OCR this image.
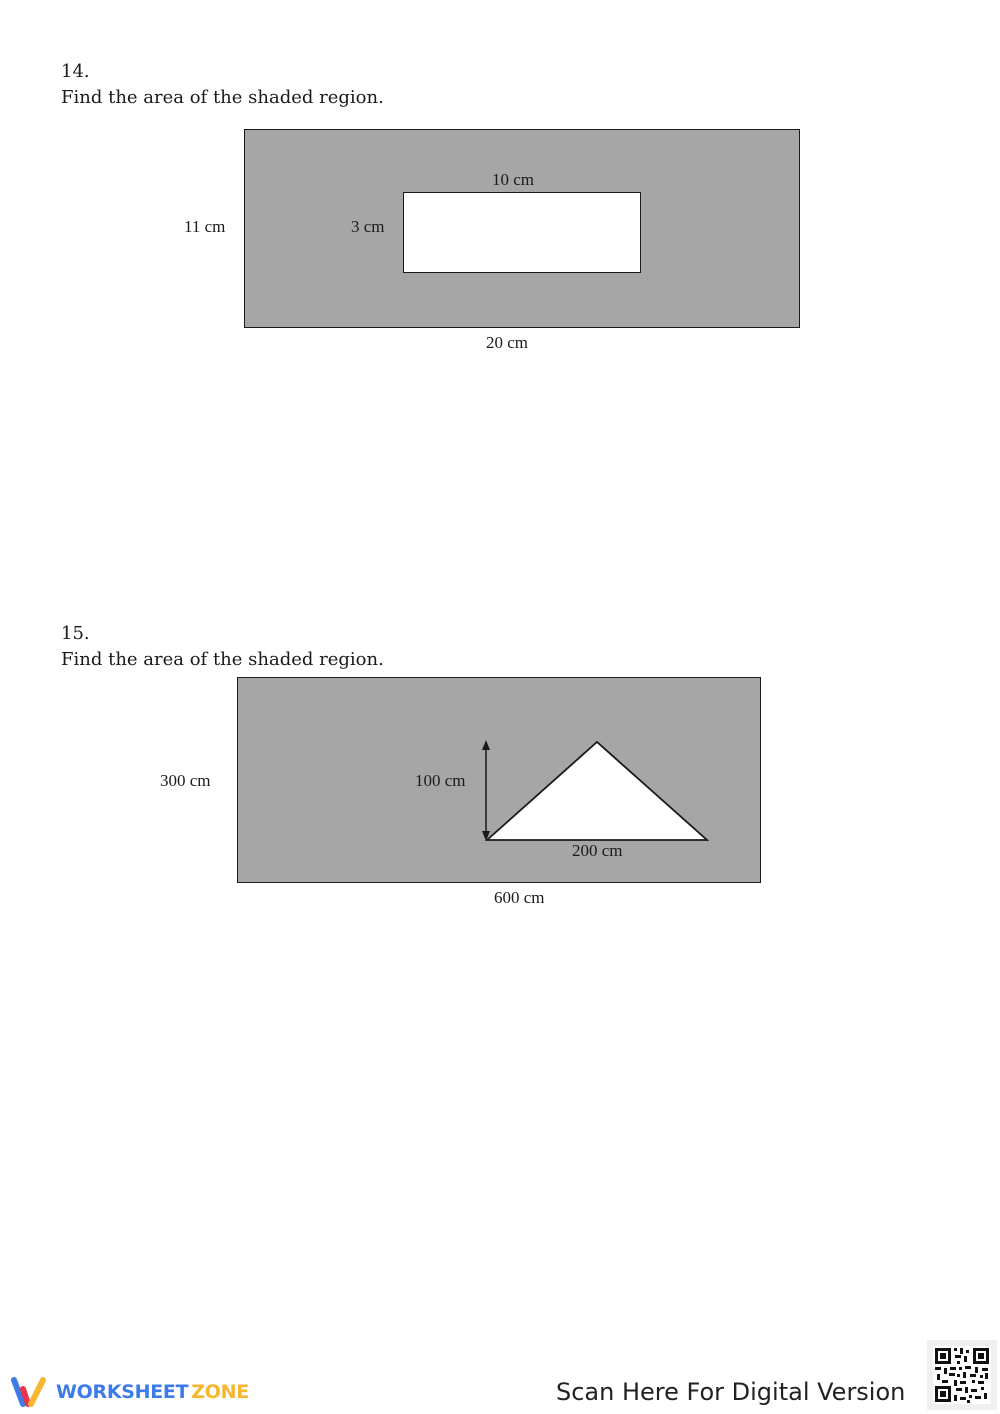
14.

Find the area of the shaded region.

11 cm
20 cm
3 cm
10 cm

15.

Find the area of the shaded region.

300 cm
600 cm
100 cm
200 cm
WORKSHEET ZONE	Scan Here For Digital Version
